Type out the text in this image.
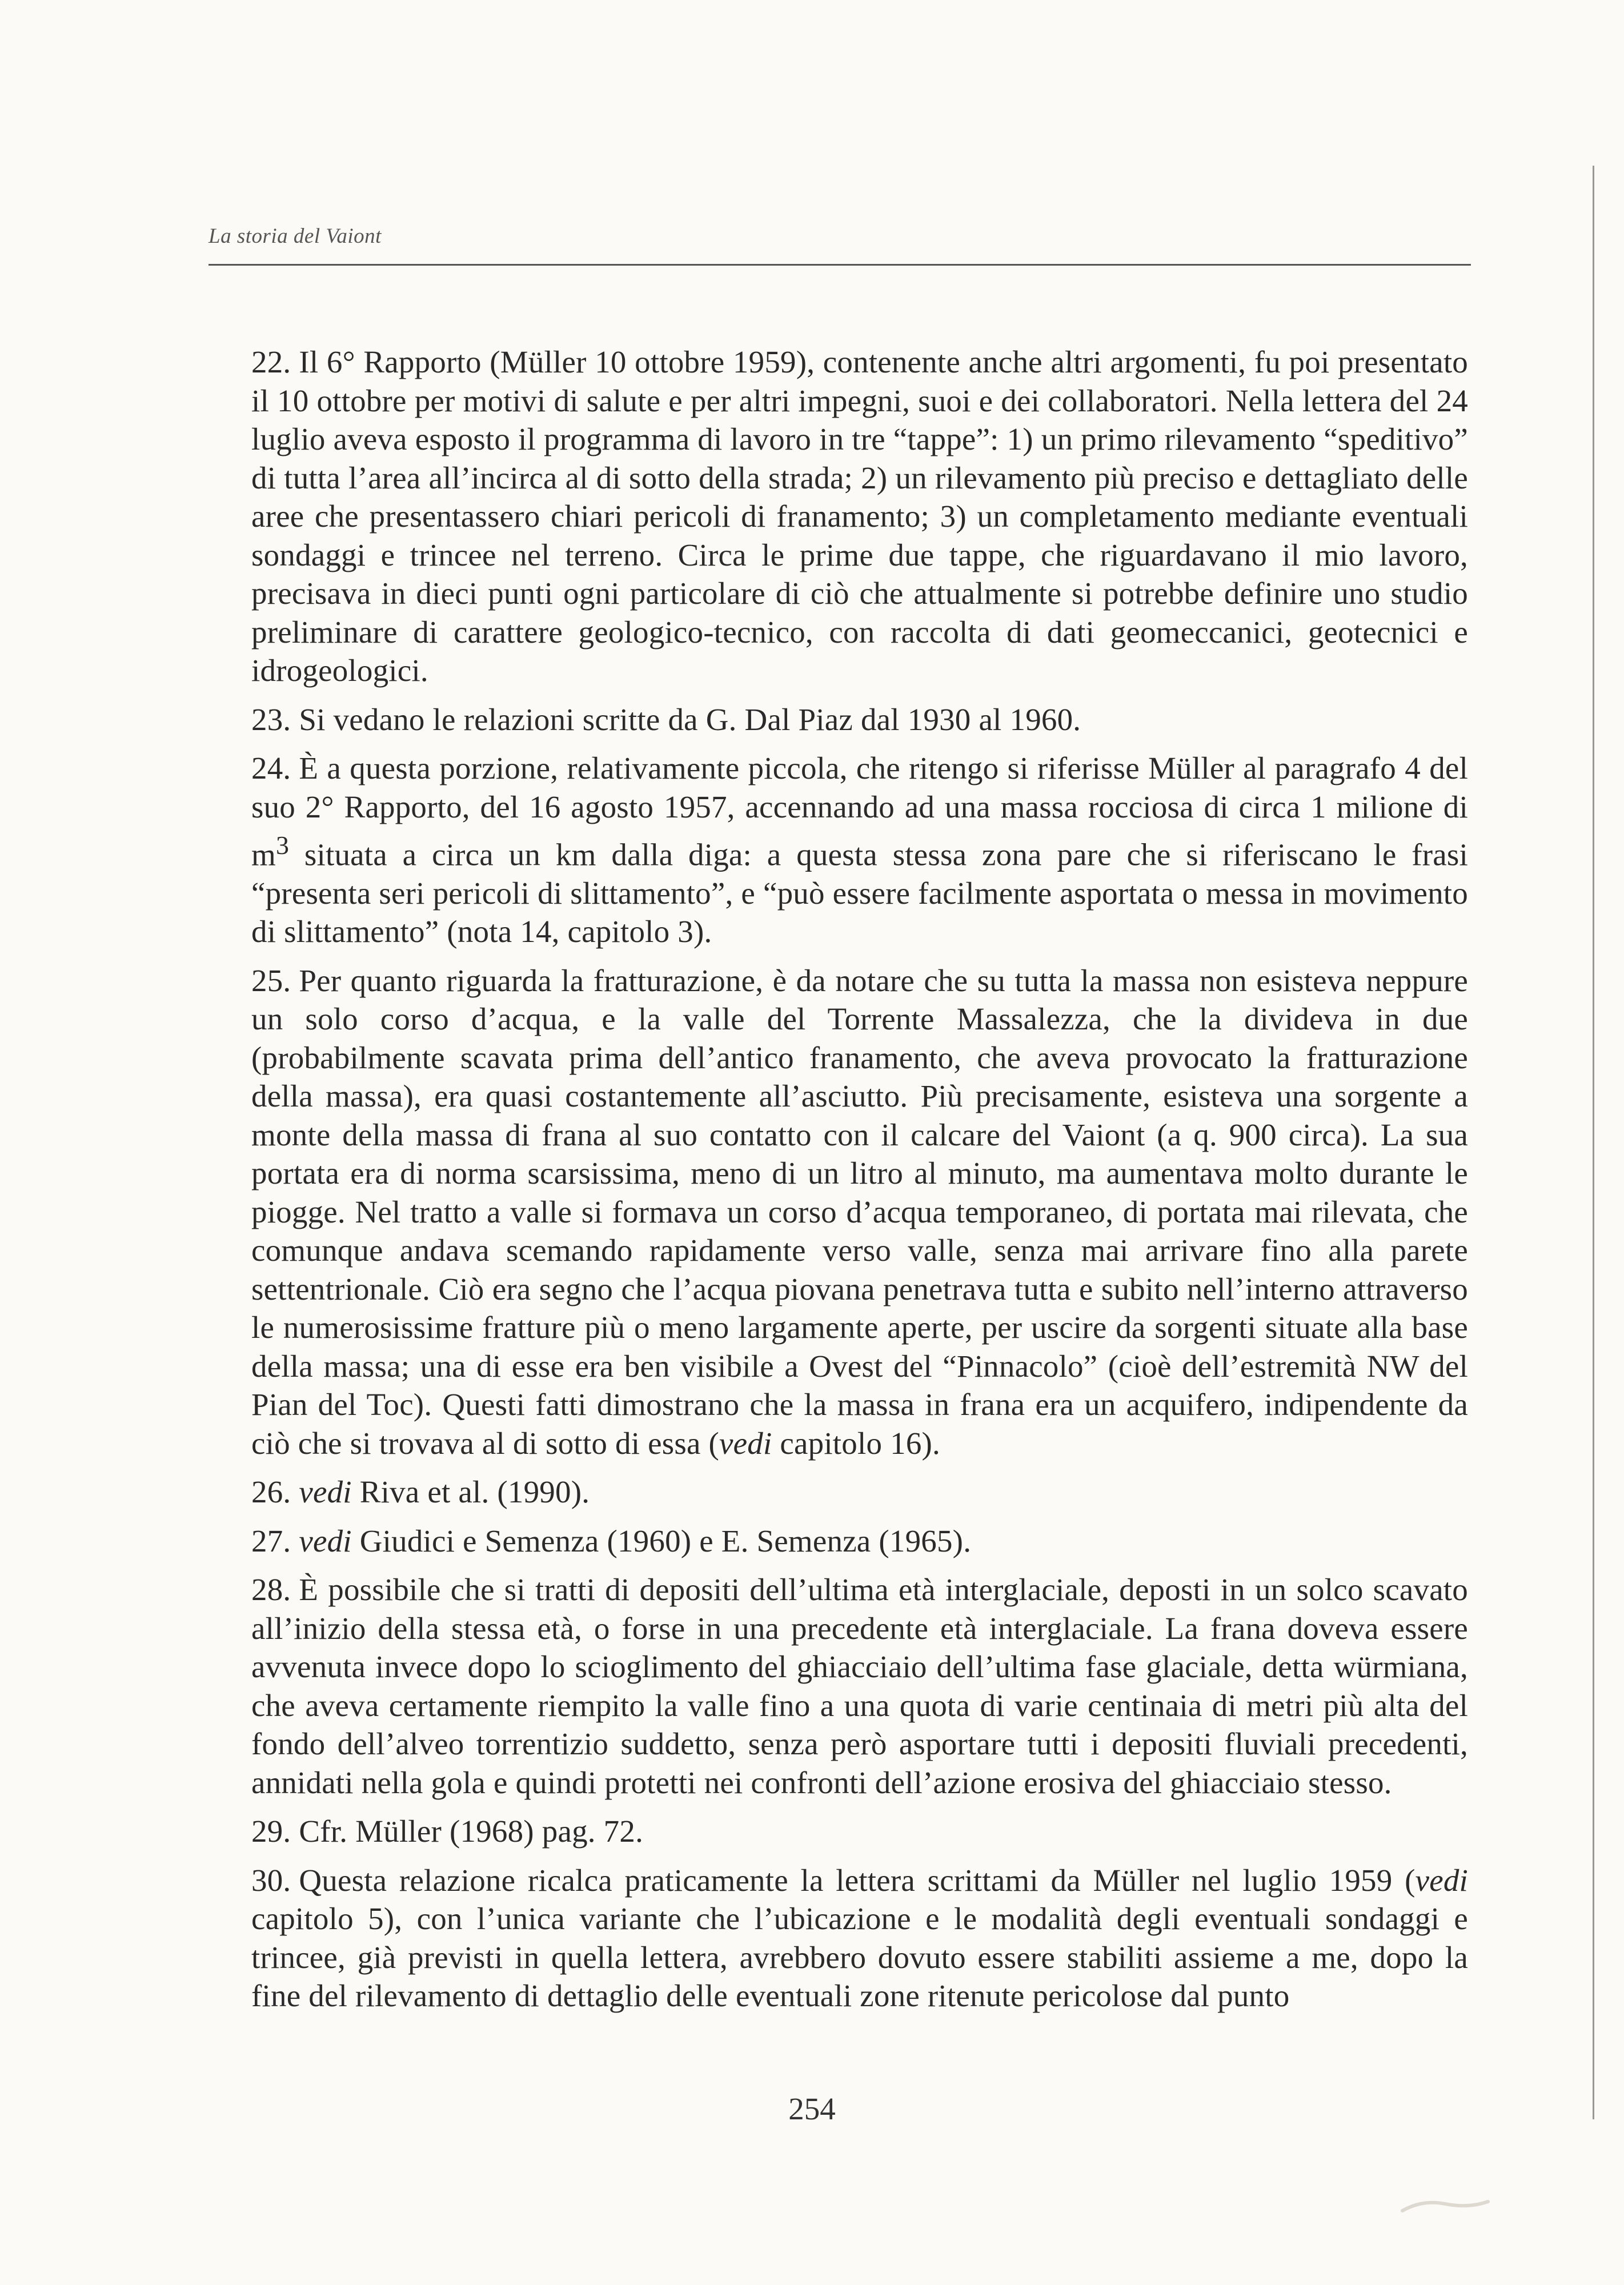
La storia del Vaiont

22. Il 6° Rapporto (Müller 10 ottobre 1959), contenente anche altri argomenti, fu poi presentato il 10 ottobre per motivi di salute e per altri impegni, suoi e dei collaboratori. Nella lettera del 24 luglio aveva esposto il programma di lavoro in tre “tappe”: 1) un primo rilevamento “speditivo” di tutta l’area all’incirca al di sotto della strada; 2) un rilevamento più preciso e dettagliato delle aree che presentassero chiari pericoli di franamento; 3) un completamento mediante eventuali sondaggi e trincee nel terreno. Circa le prime due tappe, che riguardavano il mio lavoro, precisava in dieci punti ogni particolare di ciò che attualmente si potrebbe definire uno studio preliminare di carattere geologico-tecnico, con raccolta di dati geomeccanici, geotecnici e idrogeologici.

23. Si vedano le relazioni scritte da G. Dal Piaz dal 1930 al 1960.

24. È a questa porzione, relativamente piccola, che ritengo si riferisse Müller al paragrafo 4 del suo 2° Rapporto, del 16 agosto 1957, accennando ad una massa rocciosa di circa 1 milione di $m^3$ situata a circa un km dalla diga: a questa stessa zona pare che si riferiscano le frasi “presenta seri pericoli di slittamento”, e “può essere facilmente asportata o messa in movimento di slittamento” (nota 14, capitolo 3).

25. Per quanto riguarda la fratturazione, è da notare che su tutta la massa non esisteva neppure un solo corso d’acqua, e la valle del Torrente Massalezza, che la divideva in due (probabilmente scavata prima dell’antico franamento, che aveva provocato la fratturazione della massa), era quasi costantemente all’asciutto. Più precisamente, esisteva una sorgente a monte della massa di frana al suo contatto con il calcare del Vaiont (a q. 900 circa). La sua portata era di norma scarsissima, meno di un litro al minuto, ma aumentava molto durante le piogge. Nel tratto a valle si formava un corso d’acqua temporaneo, di portata mai rilevata, che comunque andava scemando rapidamente verso valle, senza mai arrivare fino alla parete settentrionale. Ciò era segno che l’acqua piovana penetrava tutta e subito nell’interno attraverso le numerosissime fratture più o meno largamente aperte, per uscire da sorgenti situate alla base della massa; una di esse era ben visibile a Ovest del “Pinnacolo” (cioè dell’estremità NW del Pian del Toc). Questi fatti dimostrano che la massa in frana era un acquifero, indipendente da ciò che si trovava al di sotto di essa (vedi capitolo 16).

26. vedi Riva et al. (1990).

27. vedi Giudici e Semenza (1960) e E. Semenza (1965).

28. È possibile che si tratti di depositi dell’ultima età interglaciale, deposti in un solco scavato all’inizio della stessa età, o forse in una precedente età interglaciale. La frana doveva essere avvenuta invece dopo lo scioglimento del ghiacciaio dell’ultima fase glaciale, detta würmiana, che aveva certamente riempito la valle fino a una quota di varie centinaia di metri più alta del fondo dell’alveo torrentizio suddetto, senza però asportare tutti i depositi fluviali precedenti, annidati nella gola e quindi protetti nei confronti dell’azione erosiva del ghiacciaio stesso.

29. Cfr. Müller (1968) pag. 72.

30. Questa relazione ricalca praticamente la lettera scrittami da Müller nel luglio 1959 (vedi capitolo 5), con l’unica variante che l’ubicazione e le modalità degli eventuali sondaggi e trincee, già previsti in quella lettera, avrebbero dovuto essere stabiliti assieme a me, dopo la fine del rilevamento di dettaglio delle eventuali zone ritenute pericolose dal punto

254
